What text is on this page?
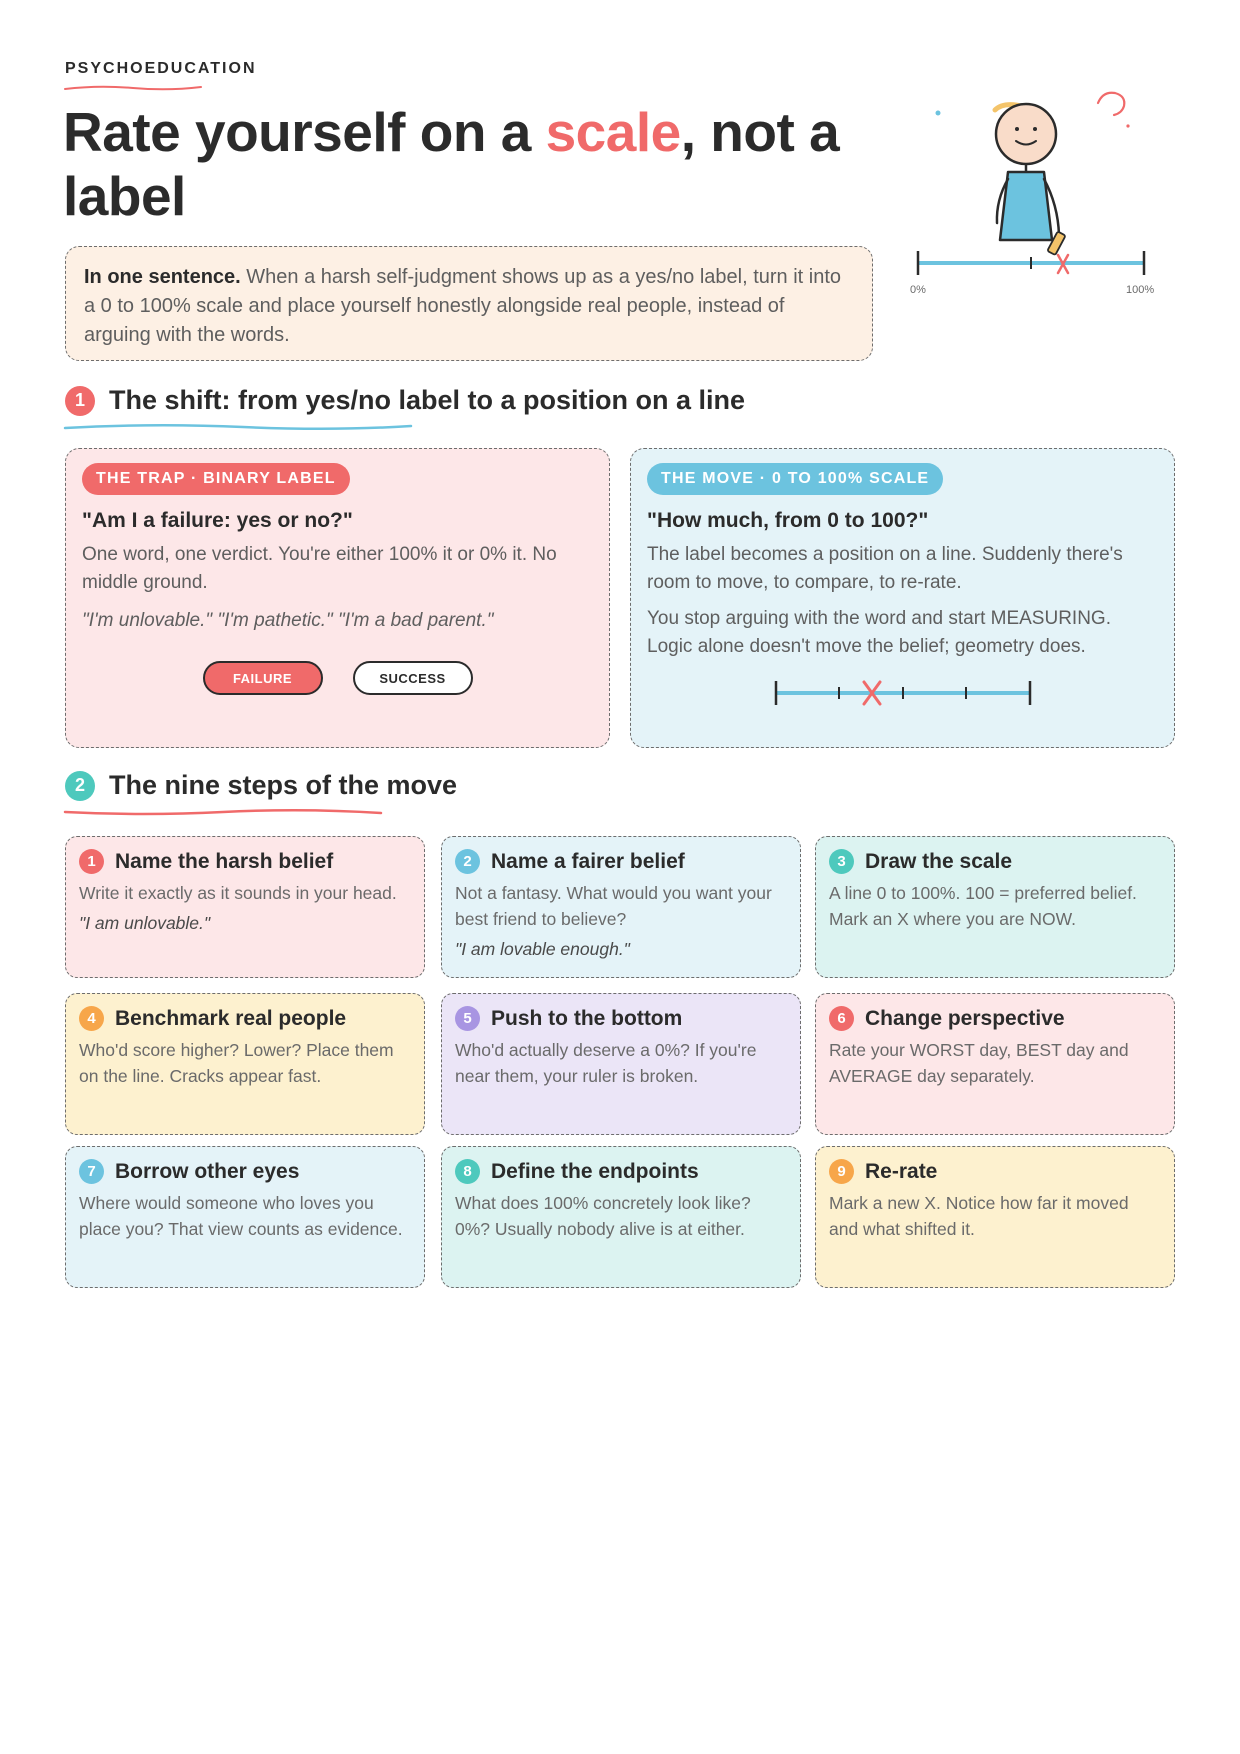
PSYCHOEDUCATION
Rate yourself on a scale, not a label
0%	100%
In one sentence. When a harsh self-judgment shows up as a yes/no label, turn it into a 0 to 100% scale and place yourself honestly alongside real people, instead of arguing with the words.
1 The shift: from yes/no label to a position on a line
THE TRAP · BINARY LABEL
"Am I a failure: yes or no?"
One word, one verdict. You're either 100% it or 0% it. No middle ground.
"I'm unlovable." "I'm pathetic." "I'm a bad parent."
FAILURE	SUCCESS
THE MOVE · 0 TO 100% SCALE
"How much, from 0 to 100?"
The label becomes a position on a line. Suddenly there's room to move, to compare, to re-rate.
You stop arguing with the word and start MEASURING. Logic alone doesn't move the belief; geometry does.
2 The nine steps of the move
1 Name the harsh belief
Write it exactly as it sounds in your head.
"I am unlovable."
2 Name a fairer belief
Not a fantasy. What would you want your best friend to believe?
"I am lovable enough."
3 Draw the scale
A line 0 to 100%. 100 = preferred belief. Mark an X where you are NOW.
4 Benchmark real people
Who'd score higher? Lower? Place them on the line. Cracks appear fast.
5 Push to the bottom
Who'd actually deserve a 0%? If you're near them, your ruler is broken.
6 Change perspective
Rate your WORST day, BEST day and AVERAGE day separately.
7 Borrow other eyes
Where would someone who loves you place you? That view counts as evidence.
8 Define the endpoints
What does 100% concretely look like? 0%? Usually nobody alive is at either.
9 Re-rate
Mark a new X. Notice how far it moved and what shifted it.
